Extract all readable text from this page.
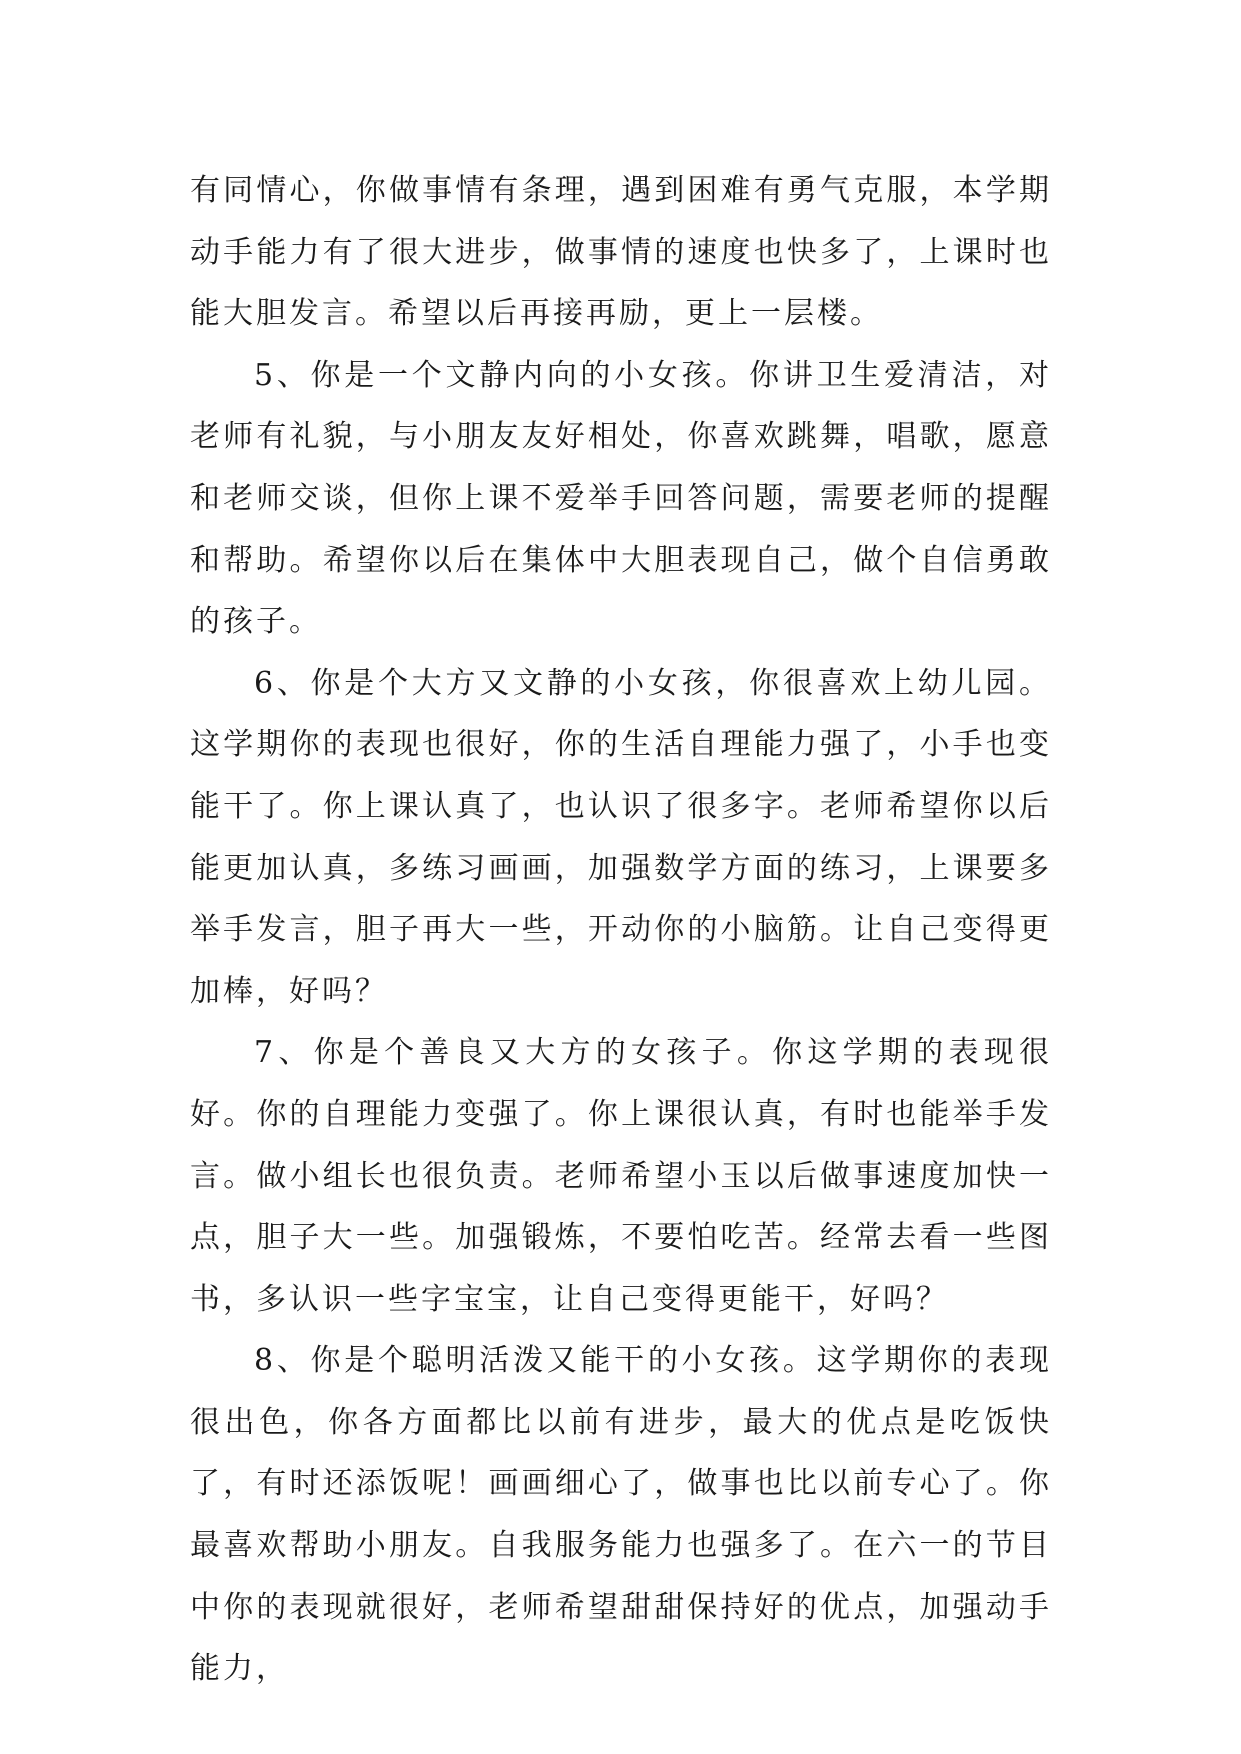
有同情心，你做事情有条理，遇到困难有勇气克服，本学期动手能力有了很大进步，做事情的速度也快多了，上课时也能大胆发言。希望以后再接再励，更上一层楼。

5、你是一个文静内向的小女孩。你讲卫生爱清洁，对老师有礼貌，与小朋友友好相处，你喜欢跳舞，唱歌，愿意和老师交谈，但你上课不爱举手回答问题，需要老师的提醒和帮助。希望你以后在集体中大胆表现自己，做个自信勇敢的孩子。

6、你是个大方又文静的小女孩，你很喜欢上幼儿园。这学期你的表现也很好，你的生活自理能力强了，小手也变能干了。你上课认真了，也认识了很多字。老师希望你以后能更加认真，多练习画画，加强数学方面的练习，上课要多举手发言，胆子再大一些，开动你的小脑筋。让自己变得更加棒，好吗？

7、你是个善良又大方的女孩子。你这学期的表现很好。你的自理能力变强了。你上课很认真，有时也能举手发言。做小组长也很负责。老师希望小玉以后做事速度加快一点，胆子大一些。加强锻炼，不要怕吃苦。经常去看一些图书，多认识一些字宝宝，让自己变得更能干，好吗？

8、你是个聪明活泼又能干的小女孩。这学期你的表现很出色，你各方面都比以前有进步，最大的优点是吃饭快了，有时还添饭呢！画画细心了，做事也比以前专心了。你最喜欢帮助小朋友。自我服务能力也强多了。在六一的节目中你的表现就很好，老师希望甜甜保持好的优点，加强动手能力，
